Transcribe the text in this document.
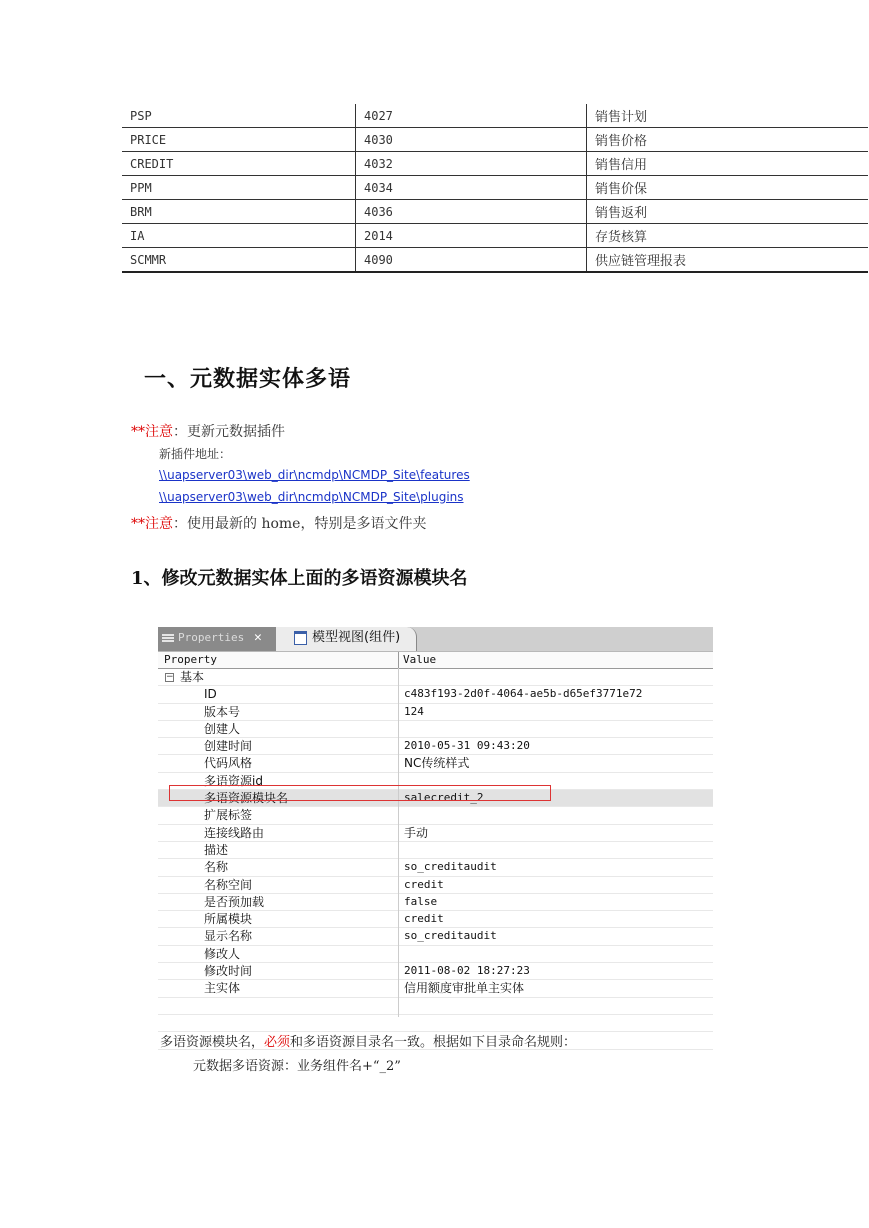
PSP	4027	销售计划
PRICE	4030	销售价格
CREDIT	4032	销售信用
PPM	4034	销售价保
BRM	4036	销售返利
IA	2014	存货核算
SCMMR	4090	供应链管理报表
一、元数据实体多语
**注意：更新元数据插件
新插件地址：
\\uapserver03\web_dir\ncmdp\NCMDP_Site\features
\\uapserver03\web_dir\ncmdp\NCMDP_Site\plugins
**注意：使用最新的 home，特别是多语文件夹
1、修改元数据实体上面的多语资源模块名
Properties ✕	模型视图(组件)
Property	Value
− 基本
ID	c483f193-2d0f-4064-ae5b-d65ef3771e72
版本号	124
创建人
创建时间	2010-05-31 09:43:20
代码风格	NC传统样式
多语资源id
多语资源模块名	salecredit_2
扩展标签
连接线路由	手动
描述
名称	so_creditaudit
名称空间	credit
是否预加载	false
所属模块	credit
显示名称	so_creditaudit
修改人
修改时间	2011-08-02 18:27:23
主实体	信用额度审批单主实体
多语资源模块名，必须和多语资源目录名一致。根据如下目录命名规则：
元数据多语资源：业务组件名+“_2”
